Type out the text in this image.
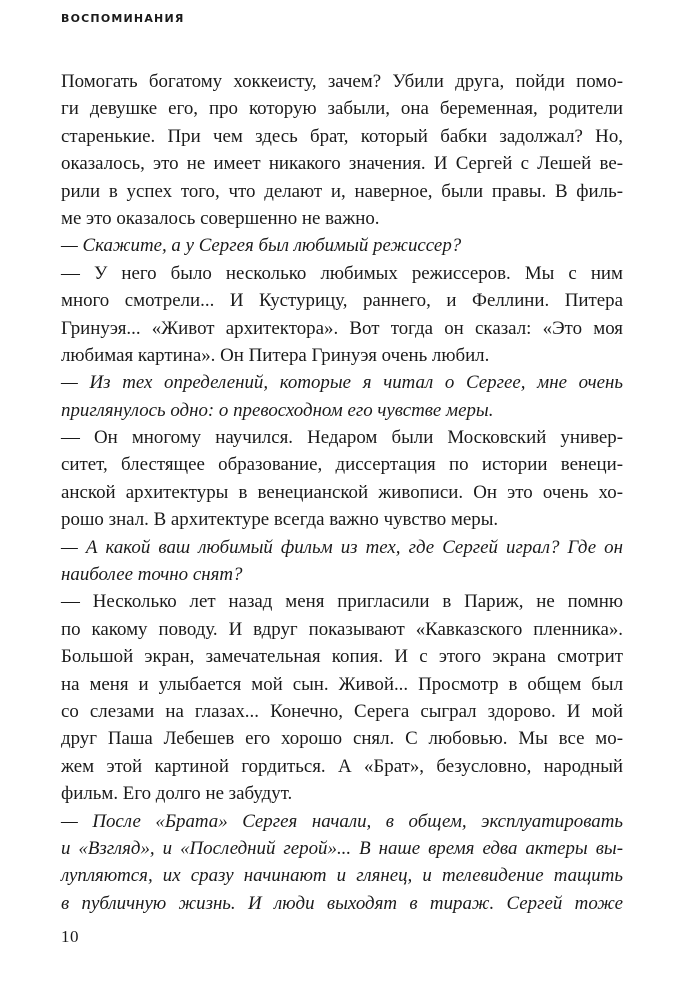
ВОСПОМИНАНИЯ
Помогать богатому хоккеисту, зачем? Убили друга, пойди помо-
ги девушке его, про которую забыли, она беременная, родители
старенькие. При чем здесь брат, который бабки задолжал? Но,
оказалось, это не имеет никакого значения. И Сергей с Лешей ве-
рили в успех того, что делают и, наверное, были правы. В филь-
ме это оказалось совершенно не важно.
— Скажите, а у Сергея был любимый режиссер?
— У него было несколько любимых режиссеров. Мы с ним
много смотрели... И Кустурицу, раннего, и Феллини. Питера
Гринуэя... «Живот архитектора». Вот тогда он сказал: «Это моя
любимая картина». Он Питера Гринуэя очень любил.
— Из тех определений, которые я читал о Сергее, мне очень
приглянулось одно: о превосходном его чувстве меры.
— Он многому научился. Недаром были Московский универ-
ситет, блестящее образование, диссертация по истории венеци-
анской архитектуры в венецианской живописи. Он это очень хо-
рошо знал. В архитектуре всегда важно чувство меры.
— А какой ваш любимый фильм из тех, где Сергей играл? Где он
наиболее точно снят?
— Несколько лет назад меня пригласили в Париж, не помню
по какому поводу. И вдруг показывают «Кавказского пленника».
Большой экран, замечательная копия. И с этого экрана смотрит
на меня и улыбается мой сын. Живой... Просмотр в общем был
со слезами на глазах... Конечно, Серега сыграл здорово. И мой
друг Паша Лебешев его хорошо снял. С любовью. Мы все мо-
жем этой картиной гордиться. А «Брат», безусловно, народный
фильм. Его долго не забудут.
— После «Брата» Сергея начали, в общем, эксплуатировать
и «Взгляд», и «Последний герой»... В наше время едва актеры вы-
лупляются, их сразу начинают и глянец, и телевидение тащить
в публичную жизнь. И люди выходят в тираж. Сергей тоже
10
